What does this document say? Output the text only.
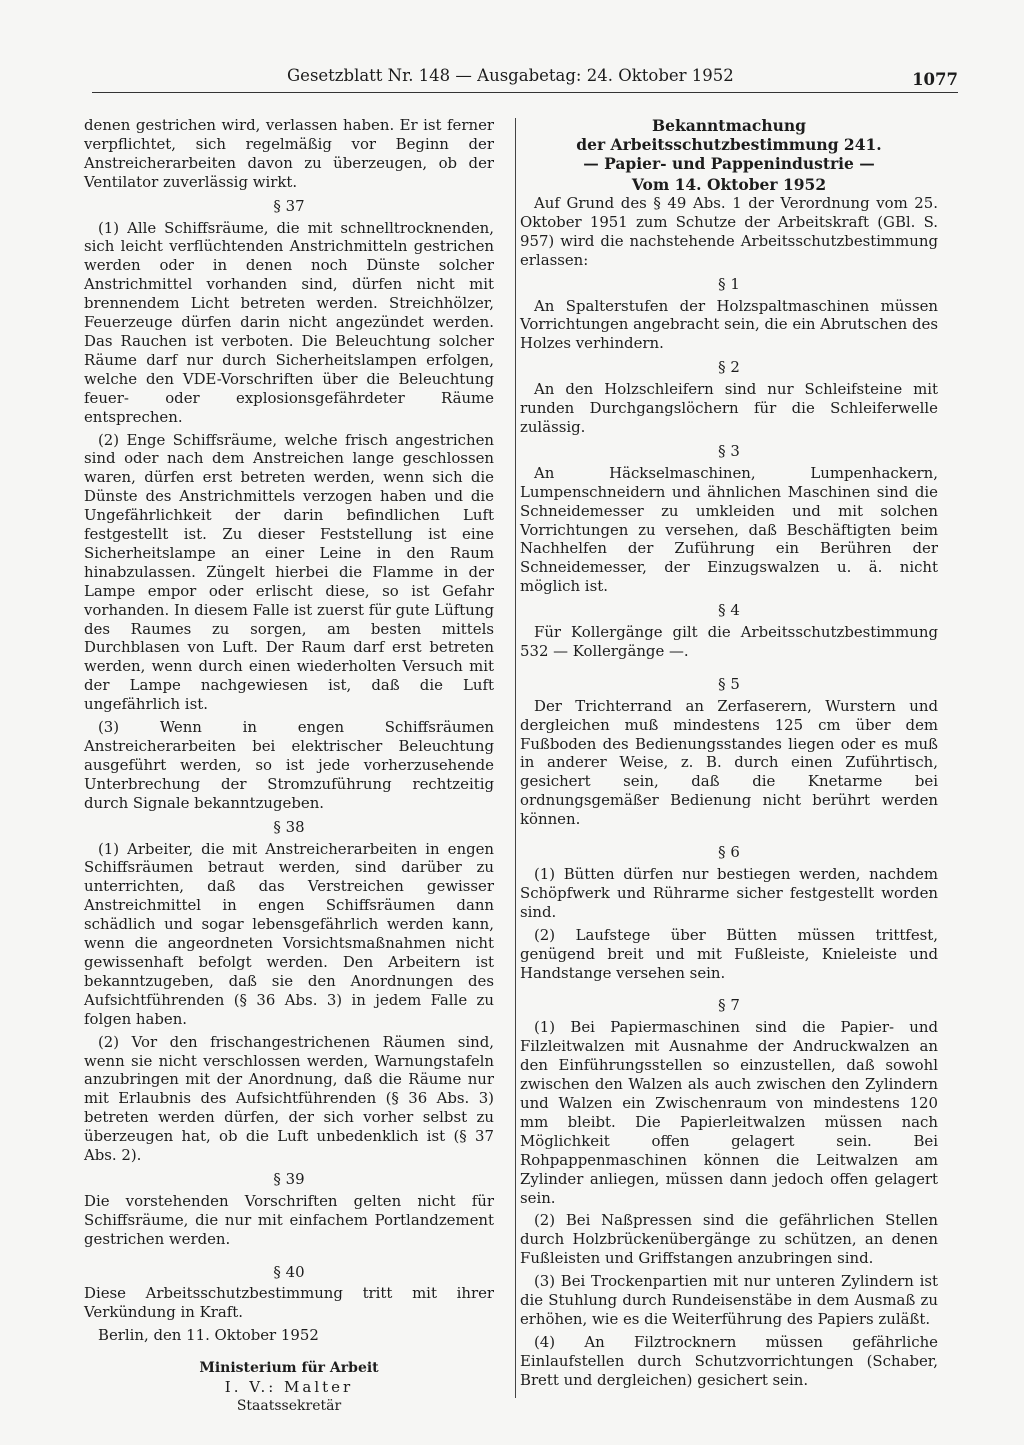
Gesetzblatt Nr. 148 — Ausgabetag: 24. Oktober 1952	1077

denen gestrichen wird, verlassen haben. Er ist ferner verpflichtet, sich regelmäßig vor Beginn der Anstreicherarbeiten davon zu überzeugen, ob der Ventilator zuverlässig wirkt.

§ 37

(1) Alle Schiffsräume, die mit schnelltrocknenden, sich leicht verflüchtenden Anstrichmitteln gestrichen werden oder in denen noch Dünste solcher Anstrichmittel vorhanden sind, dürfen nicht mit brennendem Licht betreten werden. Streichhölzer, Feuerzeuge dürfen darin nicht angezündet werden. Das Rauchen ist verboten. Die Beleuchtung solcher Räume darf nur durch Sicherheitslampen erfolgen, welche den VDE-Vorschriften über die Beleuchtung feuer- oder explosionsgefährdeter Räume entsprechen.

(2) Enge Schiffsräume, welche frisch angestrichen sind oder nach dem Anstreichen lange geschlossen waren, dürfen erst betreten werden, wenn sich die Dünste des Anstrichmittels verzogen haben und die Ungefährlichkeit der darin befindlichen Luft festgestellt ist. Zu dieser Feststellung ist eine Sicherheitslampe an einer Leine in den Raum hinabzulassen. Züngelt hierbei die Flamme in der Lampe empor oder erlischt diese, so ist Gefahr vorhanden. In diesem Falle ist zuerst für gute Lüftung des Raumes zu sorgen, am besten mittels Durchblasen von Luft. Der Raum darf erst betreten werden, wenn durch einen wiederholten Versuch mit der Lampe nachgewiesen ist, daß die Luft ungefährlich ist.

(3) Wenn in engen Schiffsräumen Anstreicherarbeiten bei elektrischer Beleuchtung ausgeführt werden, so ist jede vorherzusehende Unterbrechung der Stromzuführung rechtzeitig durch Signale bekanntzugeben.

§ 38

(1) Arbeiter, die mit Anstreicherarbeiten in engen Schiffsräumen betraut werden, sind darüber zu unterrichten, daß das Verstreichen gewisser Anstreichmittel in engen Schiffsräumen dann schädlich und sogar lebensgefährlich werden kann, wenn die angeordneten Vorsichtsmaßnahmen nicht gewissenhaft befolgt werden. Den Arbeitern ist bekanntzugeben, daß sie den Anordnungen des Aufsichtführenden (§ 36 Abs. 3) in jedem Falle zu folgen haben.

(2) Vor den frischangestrichenen Räumen sind, wenn sie nicht verschlossen werden, Warnungstafeln anzubringen mit der Anordnung, daß die Räume nur mit Erlaubnis des Aufsichtführenden (§ 36 Abs. 3) betreten werden dürfen, der sich vorher selbst zu überzeugen hat, ob die Luft unbedenklich ist (§ 37 Abs. 2).

§ 39

Die vorstehenden Vorschriften gelten nicht für Schiffsräume, die nur mit einfachem Portlandzement gestrichen werden.

§ 40

Diese Arbeitsschutzbestimmung tritt mit ihrer Verkündung in Kraft.

Berlin, den 11. Oktober 1952

Ministerium für Arbeit

I. V.: Malter

Staatssekretär

Bekanntmachung

der Arbeitsschutzbestimmung 241.

— Papier- und Pappenindustrie —

Vom 14. Oktober 1952

Auf Grund des § 49 Abs. 1 der Verordnung vom 25. Oktober 1951 zum Schutze der Arbeitskraft (GBl. S. 957) wird die nachstehende Arbeitsschutzbestimmung erlassen:

§ 1

An Spalterstufen der Holzspaltmaschinen müssen Vorrichtungen angebracht sein, die ein Abrutschen des Holzes verhindern.

§ 2

An den Holzschleifern sind nur Schleifsteine mit runden Durchgangslöchern für die Schleiferwelle zulässig.

§ 3

An Häckselmaschinen, Lumpenhackern, Lumpenschneidern und ähnlichen Maschinen sind die Schneidemesser zu umkleiden und mit solchen Vorrichtungen zu versehen, daß Beschäftigten beim Nachhelfen der Zuführung ein Berühren der Schneidemesser, der Einzugswalzen u. ä. nicht möglich ist.

§ 4

Für Kollergänge gilt die Arbeitsschutzbestimmung 532 — Kollergänge —.

§ 5

Der Trichterrand an Zerfaserern, Wurstern und dergleichen muß mindestens 125 cm über dem Fußboden des Bedienungsstandes liegen oder es muß in anderer Weise, z. B. durch einen Zuführtisch, gesichert sein, daß die Knetarme bei ordnungsgemäßer Bedienung nicht berührt werden können.

§ 6

(1) Bütten dürfen nur bestiegen werden, nachdem Schöpfwerk und Rührarme sicher festgestellt worden sind.

(2) Laufstege über Bütten müssen trittfest, genügend breit und mit Fußleiste, Knieleiste und Handstange versehen sein.

§ 7

(1) Bei Papiermaschinen sind die Papier- und Filzleitwalzen mit Ausnahme der Andruckwalzen an den Einführungsstellen so einzustellen, daß sowohl zwischen den Walzen als auch zwischen den Zylindern und Walzen ein Zwischenraum von mindestens 120 mm bleibt. Die Papierleitwalzen müssen nach Möglichkeit offen gelagert sein. Bei Rohpappenmaschinen können die Leitwalzen am Zylinder anliegen, müssen dann jedoch offen gelagert sein.

(2) Bei Naßpressen sind die gefährlichen Stellen durch Holzbrückenübergänge zu schützen, an denen Fußleisten und Griffstangen anzubringen sind.

(3) Bei Trockenpartien mit nur unteren Zylindern ist die Stuhlung durch Rundeisenstäbe in dem Ausmaß zu erhöhen, wie es die Weiterführung des Papiers zuläßt.

(4) An Filztrocknern müssen gefährliche Einlaufstellen durch Schutzvorrichtungen (Schaber, Brett und dergleichen) gesichert sein.
